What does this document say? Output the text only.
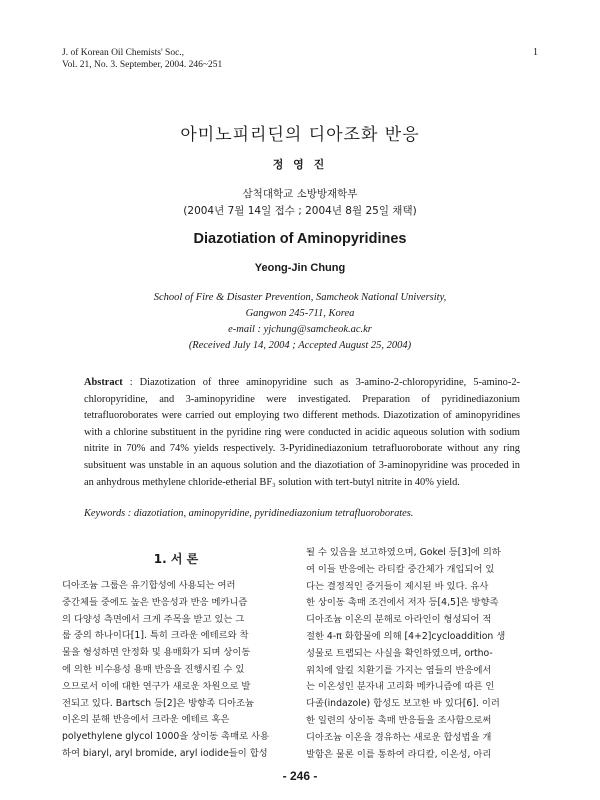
J. of Korean Oil Chemists' Soc.,
Vol. 21, No. 3. September, 2004. 246~251
1
아미노피리딘의 디아조화 반응
정 영 진
삼척대학교 소방방재학부
(2004년 7월 14일 접수 ; 2004년 8월 25일 채택)
Diazotiation of Aminopyridines
Yeong-Jin Chung
School of Fire & Disaster Prevention, Samcheok National University,
Gangwon 245-711, Korea
e-mail : yjchung@samcheok.ac.kr
(Received July 14, 2004 ; Accepted August 25, 2004)
Abstract : Diazotization of three aminopyridine such as 3-amino-2-chloropyridine, 5-amino-2-chloropyridine, and 3-aminopyridine were investigated. Preparation of pyridinediazonium tetrafluoroborates were carried out employing two different methods. Diazotization of aminopyridines with a chlorine substituent in the pyridine ring were conducted in acidic aqueous solution with sodium nitrite in 70% and 74% yields respectively. 3-Pyridinediazonium tetrafluoroborate without any ring subsituent was unstable in an aquous solution and the diazotiation of 3-aminopyridine was proceded in an anhydrous methylene chloride-etherial BF₃ solution with tert-butyl nitrite in 40% yield.
Keywords : diazotiation, aminopyridine, pyridinediazonium tetrafluoroborates.
1. 서 론
디아조늄 그룹은 유기합성에 사용되는 여러
중간체들 중에도 높은 반응성과 반응 메카니즘
의 다양성 측면에서 크게 주목을 받고 있는 그
룹 중의 하나이다[1]. 특히 크라운 에테르와 착
물을 형성하면 안정화 및 용매화가 되며 상이동
에 의한 비수용성 용매 반응을 진행시킬 수 있
으므로서 이에 대한 연구가 새로운 차원으로 발
전되고 있다. Bartsch 등[2]은 방향족 디아조늄
이온의 분해 반응에서 크라운 에테르 혹은
polyethylene glycol 1000을 상이동 촉매로 사용
하여 biaryl, aryl bromide, aryl iodide들이 합성
될 수 있음을 보고하였으며, Gokel 등[3]에 의하
여 이들 반응에는 라티칼 중간체가 개입되어 있
다는 결정적인 증거들이 제시된 바 있다. 유사
한 상이동 촉매 조건에서 저자 등[4,5]은 방향족
디아조늄 이온의 분해로 아라인이 형성되어 적
절한 4-π 화합물에 의해 [4+2]cycloaddition 생
성물로 트랩되는 사실을 확인하였으며, ortho-
위치에 알킬 치환기를 가지는 염들의 반응에서
는 이온성인 분자내 고리화 메카니즘에 따른 인
다졸(indazole) 합성도 보고한 바 있다[6]. 이러
한 일련의 상이동 촉매 반응들을 조사함으로써
디아조늄 이온을 경유하는 새로운 합성법을 개
발함은 물론 이를 통하여 라디칼, 이온성, 아리
- 246 -
